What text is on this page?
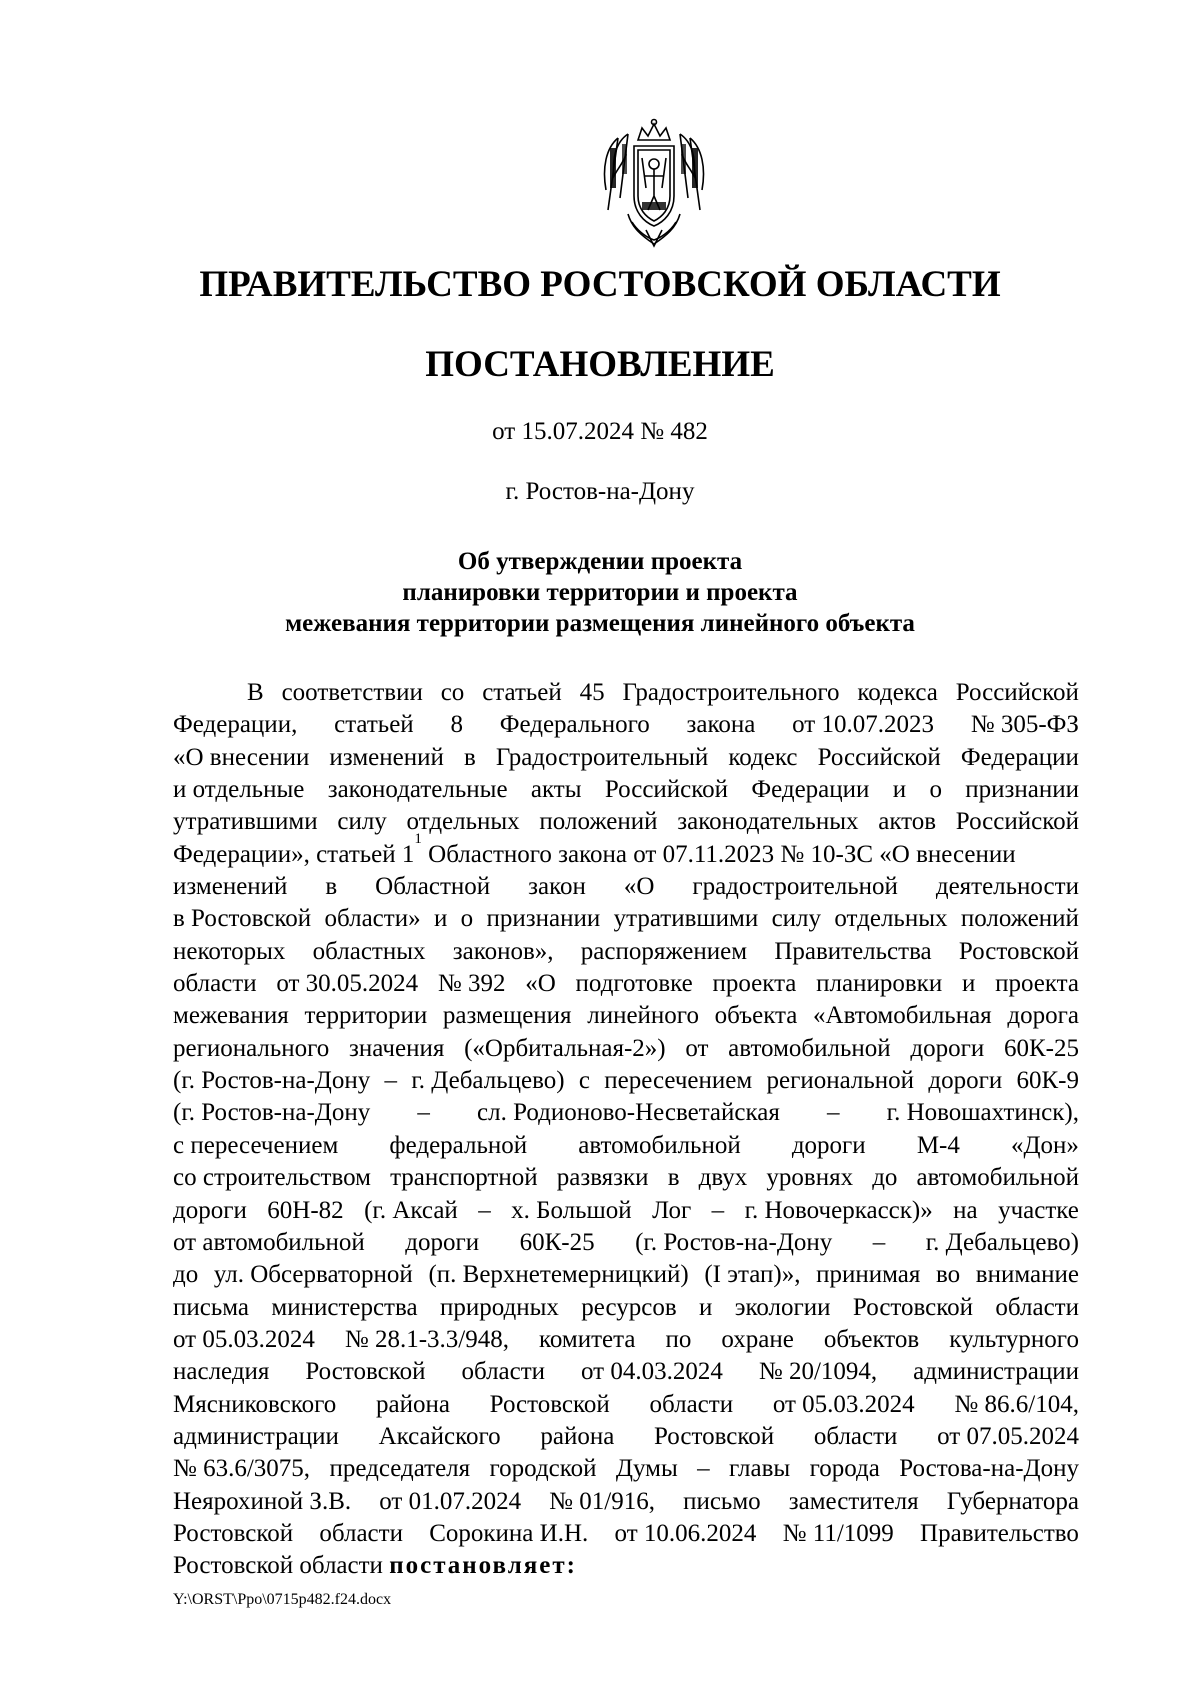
ПРАВИТЕЛЬСТВО РОСТОВСКОЙ ОБЛАСТИ
ПОСТАНОВЛЕНИЕ
от 15.07.2024 № 482
г. Ростов-на-Дону
Об утверждении проекта
планировки территории и проекта
межевания территории размещения линейного объекта
В соответствии со статьей 45 Градостроительного кодекса Российской
Федерации, статьей 8 Федерального закона от 10.07.2023 № 305-ФЗ
«О внесении изменений в Градостроительный кодекс Российской Федерации
и отдельные законодательные акты Российской Федерации и о признании
утратившими силу отдельных положений законодательных актов Российской
Федерации», статьей 1
1
Областного закона от 07.11.2023 № 10-ЗС «О внесении
изменений в Областной закон «О градостроительной деятельности
в Ростовской области» и о признании утратившими силу отдельных положений
некоторых областных законов», распоряжением Правительства Ростовской
области от 30.05.2024 № 392 «О подготовке проекта планировки и проекта
межевания территории размещения линейного объекта «Автомобильная дорога
регионального значения («Орбитальная-2») от автомобильной дороги 60К-25
(г. Ростов-на-Дону – г. Дебальцево) с пересечением региональной дороги 60К-9
(г. Ростов-на-Дону – сл. Родионово-Несветайская – г. Новошахтинск),
с пересечением федеральной автомобильной дороги М-4 «Дон»
со строительством транспортной развязки в двух уровнях до автомобильной
дороги 60Н-82 (г. Аксай – х. Большой Лог – г. Новочеркасск)» на участке
от автомобильной дороги 60К-25 (г. Ростов-на-Дону – г. Дебальцево)
до ул. Обсерваторной (п. Верхнетемерницкий) (I этап)», принимая во внимание
письма министерства природных ресурсов и экологии Ростовской области
от 05.03.2024 № 28.1-3.3/948, комитета по охране объектов культурного
наследия Ростовской области от 04.03.2024 № 20/1094, администрации
Мясниковского района Ростовской области от 05.03.2024 № 86.6/104,
администрации Аксайского района Ростовской области от 07.05.2024
№ 63.6/3075, председателя городской Думы – главы города Ростова-на-Дону
Неярохиной З.В. от 01.07.2024 № 01/916, письмо заместителя Губернатора
Ростовской области Сорокина И.Н. от 10.06.2024 № 11/1099 Правительство
Ростовской области постановляет:
Y:\ORST\Ppo\0715p482.f24.docx
